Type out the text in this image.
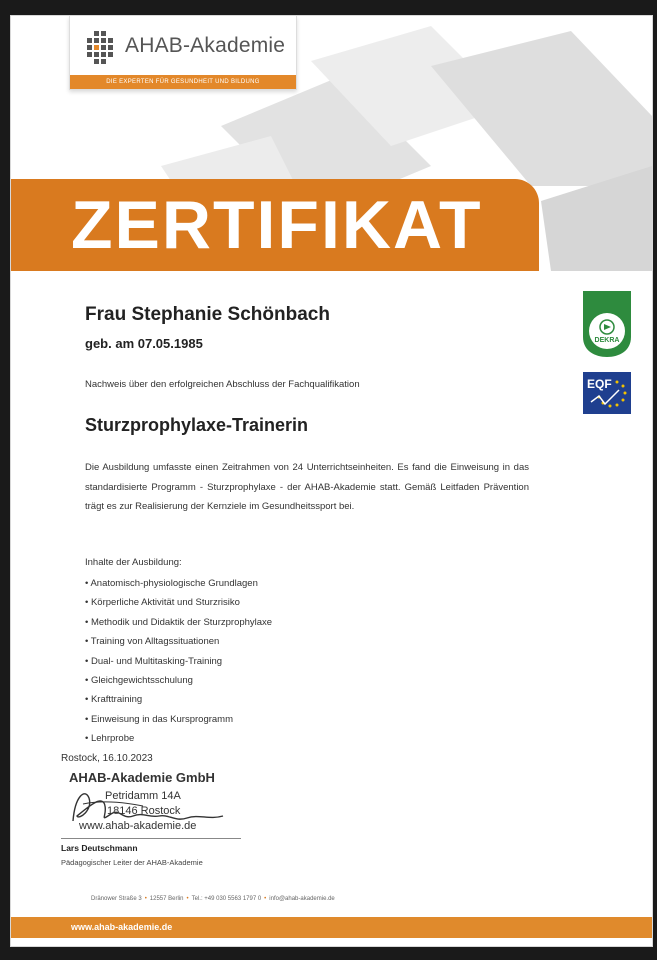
AHAB-Akademie
DIE EXPERTEN FÜR GESUNDHEIT UND BILDUNG
ZERTIFIKAT
Frau Stephanie Schönbach
geb. am 07.05.1985
Nachweis über den erfolgreichen Abschluss der Fachqualifikation
Sturzprophylaxe-Trainerin
Die Ausbildung umfasste einen Zeitrahmen von 24 Unterrichtseinheiten. Es fand die Einweisung in das standardisierte Programm - Sturzprophylaxe - der AHAB-Akademie statt. Gemäß Leitfaden Prävention trägt es zur Realisierung der Kernziele im Gesundheitssport bei.
Inhalte der Ausbildung:
• Anatomisch-physiologische Grundlagen
• Körperliche Aktivität und Sturzrisiko
• Methodik und Didaktik der Sturzprophylaxe
• Training von Alltagssituationen
• Dual- und Multitasking-Training
• Gleichgewichtsschulung
• Krafttraining
• Einweisung in das Kursprogramm
• Lehrprobe
Rostock, 16.10.2023
AHAB-Akademie GmbH
Petridamm 14A
18146 Rostock
www.ahab-akademie.de
Lars Deutschmann
Pädagogischer Leiter der AHAB-Akademie
Dränower Straße 3 • 12557 Berlin • Tel.: +49 030 5563 1797 0 • info@ahab-akademie.de
www.ahab-akademie.de
DEKRA
EQF
